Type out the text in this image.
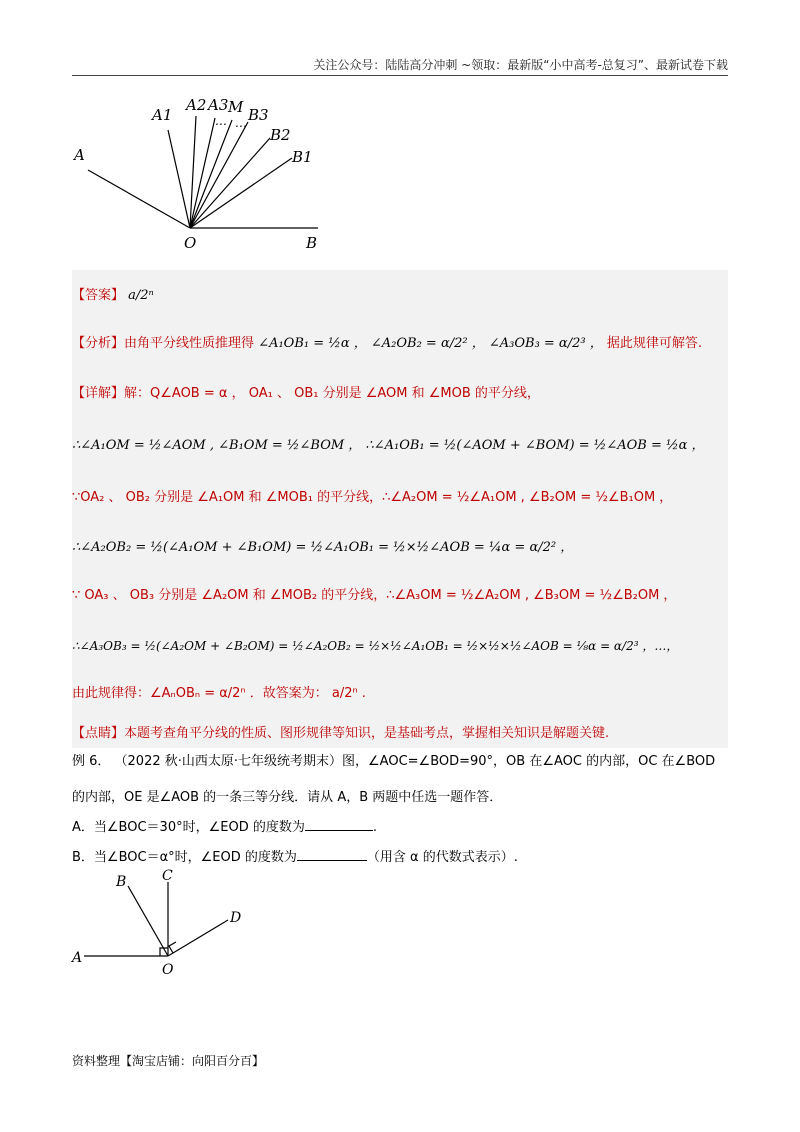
关注公众号：陆陆高分冲刺 ~领取：最新版“小中高考-总复习”、最新试卷下载
A
A1
A2 A3 M B3
B2
B1
O	B
⋯ ⋯
【答案】 a/2ⁿ
【分析】由角平分线性质推理得 ∠A₁OB₁ = ½α ， ∠A₂OB₂ = α/2² ， ∠A₃OB₃ = α/2³ ， 据此规律可解答.
【详解】解：Q∠AOB = α ， OA₁ 、 OB₁ 分别是 ∠AOM 和 ∠MOB 的平分线，
∴∠A₁OM = ½∠AOM , ∠B₁OM = ½∠BOM ， ∴∠A₁OB₁ = ½(∠AOM + ∠BOM) = ½∠AOB = ½α ，
∵OA₂ 、 OB₂ 分别是 ∠A₁OM 和 ∠MOB₁ 的平分线，∴∠A₂OM = ½∠A₁OM , ∠B₂OM = ½∠B₁OM ，
∴∠A₂OB₂ = ½(∠A₁OM + ∠B₁OM) = ½∠A₁OB₁ = ½×½∠AOB = ¼α = α/2² ，
∵ OA₃ 、 OB₃ 分别是 ∠A₂OM 和 ∠MOB₂ 的平分线，∴∠A₃OM = ½∠A₂OM , ∠B₃OM = ½∠B₂OM ，
∴∠A₃OB₃ = ½(∠A₂OM + ∠B₂OM) = ½∠A₂OB₂ = ½×½∠A₁OB₁ = ½×½×½∠AOB = ⅛α = α/2³ ，…，
由此规律得：∠AₙOBₙ = α/2ⁿ ．故答案为： a/2ⁿ .
【点睛】本题考查角平分线的性质、图形规律等知识，是基础考点，掌握相关知识是解题关键.
例 6． （2022 秋·山西太原·七年级统考期末）图，∠AOC=∠BOD=90°，OB 在∠AOC 的内部，OC 在∠BOD
的内部，OE 是∠AOB 的一条三等分线．请从 A，B 两题中任选一题作答．
A．当∠BOC＝30°时，∠EOD 的度数为	.
B．当∠BOC＝α°时，∠EOD 的度数为	（用含 α 的代数式表示）.
B	C
D
A
O
资料整理【淘宝店铺：向阳百分百】
